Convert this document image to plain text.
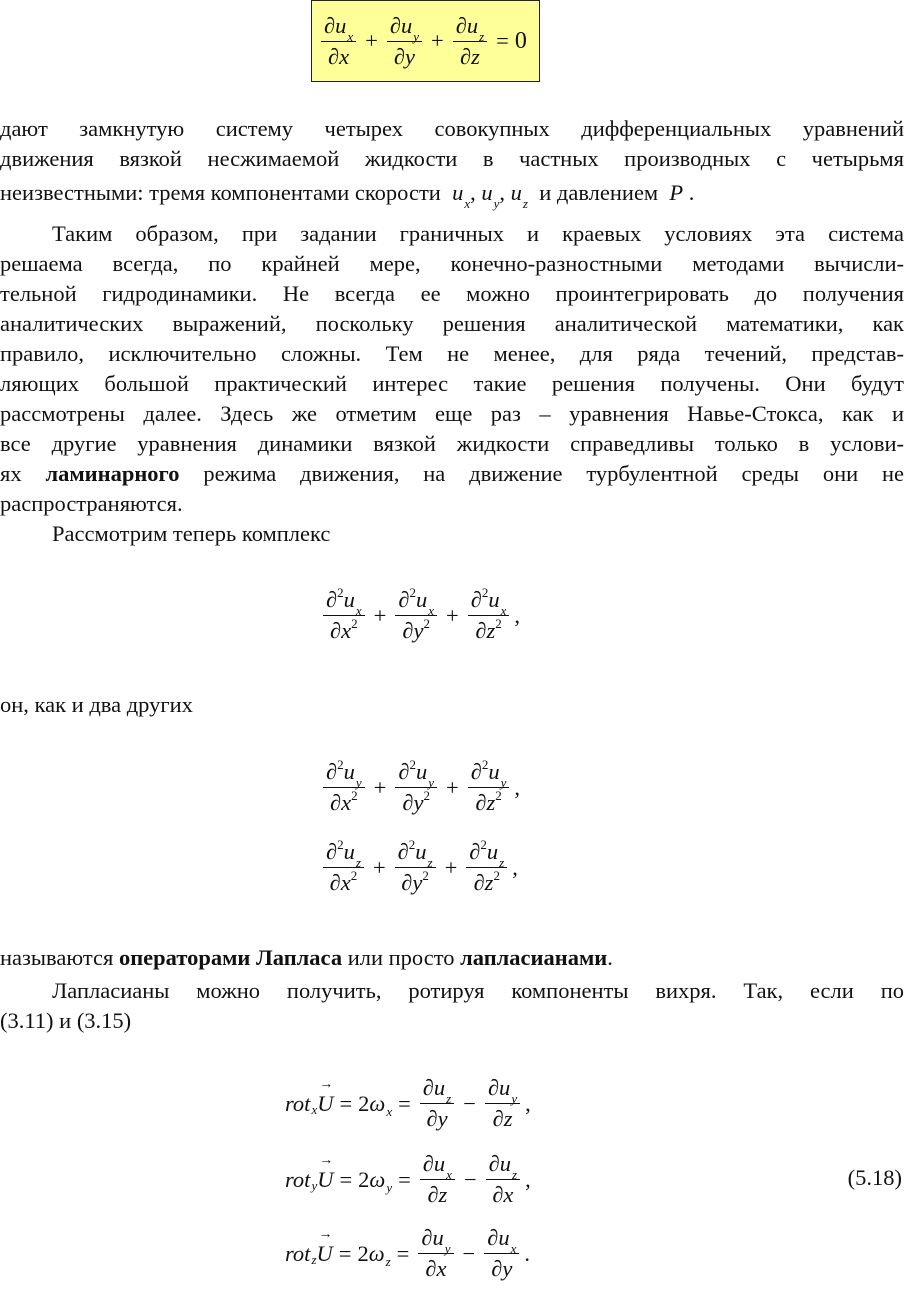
$\frac{\partial u_x}{\partial x} + \frac{\partial u_y}{\partial y} + \frac{\partial u_z}{\partial z} = 0$
дают замкнутую систему четырех совокупных дифференциальных уравнений
движения вязкой несжимаемой жидкости в частных производных с четырьмя
неизвестными: тремя компонентами скорости $u_x$, $u_y$, $u_z$ и давлением P .
Таким образом, при задании граничных и краевых условиях эта система
решаема всегда, по крайней мере, конечно-разностными методами вычисли-
тельной гидродинамики. Не всегда ее можно проинтегрировать до получения
аналитических выражений, поскольку решения аналитической математики, как
правило, исключительно сложны. Тем не менее, для ряда течений, представ-
ляющих большой практический интерес такие решения получены. Они будут
рассмотрены далее. Здесь же отметим еще раз – уравнения Навье-Стокса, как и
все другие уравнения динамики вязкой жидкости справедливы только в услови-
ях ламинарного режима движения, на движение турбулентной среды они не
распространяются.
Рассмотрим теперь комплекс
$\frac{\partial^2u_x}{\partial x^2} + \frac{\partial^2u_x}{\partial y^2} + \frac{\partial^2u_x}{\partial z^2}$ ,
он, как и два других
$\frac{\partial^2u_y}{\partial x^2} + \frac{\partial^2u_y}{\partial y^2} + \frac{\partial^2u_y}{\partial z^2}$ ,
$\frac{\partial^2u_z}{\partial x^2} + \frac{\partial^2u_z}{\partial y^2} + \frac{\partial^2u_z}{\partial z^2}$ ,
называются операторами Лапласа или просто лапласианами.
Лапласианы можно получить, ротируя компоненты вихря. Так, если по
(3.11) и (3.15)
rot x → U = 2 ω $x = \frac{\partial u_z}{\partial y} - \frac{\partial u_y}{\partial z}$ ,
rot y → U = 2 ω $y = \frac{\partial u_x}{\partial z} - \frac{\partial u_z}{\partial x}$ ,
rot z → U = 2 ω $z = \frac{\partial u_y}{\partial x} - \frac{\partial u_x}{\partial y}$ .
(5.18)
